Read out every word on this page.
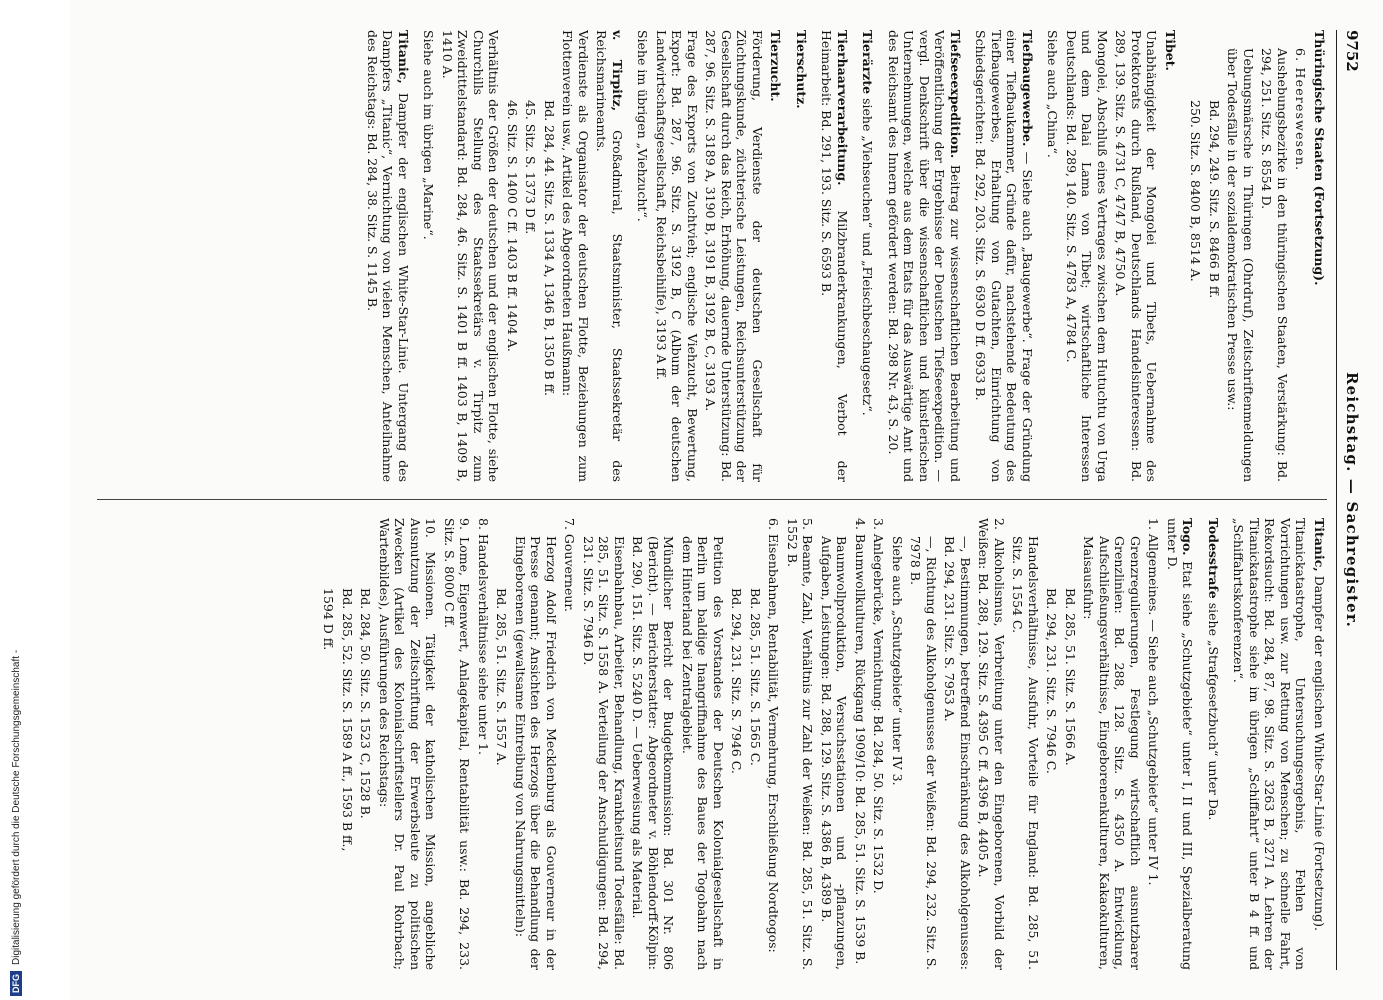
DFG
Digitalisierung gefördert durch die Deutsche Forschungsgemeinschaft -
9752
Reichstag. — Sachregister.

Thüringische Staaten (Fortsetzung).

6. Heereswesen.

Aushebungsbezirke in den thüringischen Staaten, Verstärkung: Bd. 294, 251. Sitz. S. 8554 D.

Uebungsmärsche in Thüringen (Ohrdruf), Zeitschriftenmeldungen über Todesfälle in der sozialdemokratischen Presse usw.:

Bd. 294, 249. Sitz. S. 8466 B ff.

250. Sitz. S. 8400 B, 8514 A.

Tibet.

Unabhängigkeit der Mongolei und Tibets, Uebernahme des Protektorats durch Rußland, Deutschlands Handelsinteressen: Bd. 289, 139. Sitz. S. 4731 C, 4747 B, 4750 A.

Mongolei, Abschluß eines Vertrages zwischen dem Hutuchtu von Urga und dem Dalai Lama von Tibet; wirtschaftliche Interessen Deutschlands: Bd. 289, 140. Sitz. S. 4783 A, 4784 C.

Siehe auch „China“.

Tiefbaugewerbe. — Siehe auch „Baugewerbe“. Frage der Gründung einer Tiefbaukammer, Gründe dafür, nachstehende Bedeutung des Tiefbaugewerbes, Erhaltung von Gutachten, Einrichtung von Schiedsgerichten: Bd. 292, 203. Sitz. S. 6930 D ff. 6933 B.

Tiefseeexpedition. Beitrag zur wissenschaftlichen Bearbeitung und Veröffentlichung der Ergebnisse der Deutschen Tiefseeexpedition. — vergl. Denkschrift über die wissenschaftlichen und künstlerischen Unternehmungen, welche aus dem Etats für das Auswärtige Amt und des Reichsamt des Innern gefördert werden: Bd. 298 Nr. 43, S. 20.

Tierärzte siehe „Viehseuchen“ und „Fleischbeschaugesetz“.

Tierhaarverarbeitung. Milzbranderkrankungen, Verbot der Heimarbeit: Bd. 291, 193. Sitz. S. 6593 B.

Tierschutz.

Tierzucht.

Förderung, Verdienste der deutschen Gesellschaft für Züchtungskunde, züchterische Leistungen, Reichsunterstützung der Gesellschaft durch das Reich, Erhöhung, dauernde Unterstützung: Bd. 287, 96. Sitz. S. 3189 A, 3190 B, 3191 B, 3192 B, C, 3193 A.

Frage des Exports von Zuchtvieh; englische Viehzucht, Bewertung, Export: Bd. 287, 96. Sitz. S. 3192 B, C (Album der deutschen Landwirtschaftsgesellschaft, Reichsbeihilfe), 3193 A ff.

Siehe im übrigen „Viehzucht“.

v. Tirpitz, Großadmiral, Staatsminister, Staatssekretär des Reichsmarineamts.

Verdienste als Organisator der deutschen Flotte, Beziehungen zum Flottenverein usw., Artikel des Abgeordneten Haußmann:

Bd. 284, 44. Sitz. S. 1334 A, 1346 B, 1350 B ff.

45. Sitz. S. 1373 D ff.

46. Sitz. S. 1400 C ff. 1403 B ff. 1404 A.

Verhältnis der Größen der deutschen und der englischen Flotte, siehe Churchills Stellung des Staatssekretärs v. Tirpitz zum Zweidrittelstandard: Bd. 284, 46. Sitz. S. 1401 B ff. 1403 B, 1409 B, 1410 A.

Siehe auch im übrigen „Marine“.

Titanic, Dampfer der englischen White-Star-Linie. Untergang des Dampfers „Titanic“, Vernichtung von vielen Menschen, Anteilnahme des Reichstags: Bd. 284, 38. Sitz. S. 1145 B.

Titanic, Dampfer der englischen White-Star-Linie (Fortsetzung).

Titanickatastrophe, Untersuchungsergebnis, Fehlen von Vorrichtungen usw. zur Rettung von Menschen; zu schnelle Fahrt, Rekordsucht: Bd. 284, 87, 98. Sitz. S. 3263 B, 3271 A. Lehren der Titanickatastrophe siehe im übrigen „Schiffahrt“ unter B 4 ff. und „Schiffahrtskonferenzen“.

Todesstrafe siehe „Strafgesetzbuch“ unter Da.

Togo. Etat siehe „Schutzgebiete“ unter I, II und III, Spezialberatung unter D.

1. Allgemeines. — Siehe auch „Schutzgebiete“ unter IV 1.

Grenzregulierungen, Festlegung wirtschaftlich ausnutzbarer Grenzlinien: Bd. 288, 128. Sitz. S. 4350 A. Entwicklung, Aufschließungsverhältnisse, Eingeborenenkulturen, Kakaokulturen, Maisausfuhr:

Bd. 285, 51. Sitz. S. 1566 A.

Bd. 294, 231. Sitz. S. 7946 C.

Handelsverhältnisse, Ausfuhr, Vorteile für England: Bd. 285, 51. Sitz. S. 1554 C.

2. Alkoholismus, Verbreitung unter den Eingeborenen, Vorbild der Weißen: Bd. 288, 129. Sitz. S. 4395 C ff. 4396 B, 4405 A.

—, Bestimmungen, betreffend Einschränkung des Alkoholgenusses: Bd. 294, 231. Sitz. S. 7953 A.

—, Richtung des Alkoholgenusses der Weißen: Bd. 294, 232. Sitz. S. 7978 B.

Siehe auch „Schutzgebiete“ unter IV 3.

3. Anlegebrücke, Vernichtung: Bd. 284, 50. Sitz. S. 1532 D.

4. Baumwollkulturen, Rückgang 1909/10: Bd. 285, 51. Sitz. S. 1539 B.

Baumwollproduktion, Versuchsstationen und -pflanzungen, Aufgaben, Leistungen: Bd. 288, 129. Sitz. S. 4386 B, 4389 B.

5. Beamte, Zahl, Verhältnis zur Zahl der Weißen: Bd. 285, 51. Sitz. S. 1552 B.

6. Eisenbahnen, Rentabilität, Vermehrung, Erschließung Nordtogos:

Bd. 285, 51. Sitz. S. 1565 C.

Bd. 294, 231. Sitz. S. 7946 C.

Petition des Vorstandes der Deutschen Kolonialgesellschaft in Berlin um baldige Inangriffnahme des Baues der Togobahn nach dem Hinterland bei Zentralgebiet.

Mündlicher Bericht der Budgetkommission: Bd. 301 Nr. 806 (Bericht). — Berichterstatter: Abgeordneter v. Böhlendorff-Kölpin: Bd. 290, 151. Sitz. S. 5240 D. — Ueberweisung als Material.

Eisenbahnbau, Arbeiter, Behandlung, Krankheitsund Todesfälle: Bd. 285, 51. Sitz. S. 1558 A. Verteilung der Anschuldigungen: Bd. 294, 231. Sitz. S. 7946 D.

7. Gouverneur.

Herzog Adolf Friedrich von Mecklenburg als Gouverneur in der Presse genannt; Ansichten des Herzogs über die Behandlung der Eingeborenen (gewaltsame Eintreibung von Nahrungsmitteln):

Bd. 285, 51. Sitz. S. 1557 A.

8. Handelsverhältnisse siehe unter 1.

9. Lome, Eigenwert, Anlagekapital, Rentabilität usw.: Bd. 294, 233. Sitz. S. 8000 C ff.

10. Missionen. Tätigkeit der katholischen Mission, angebliche Ausnutzung der Zeitschriftung der Erwerbsleute zu politischen Zwecken (Artikel des Kolonialschriftstellers Dr. Paul Rohrbach; Wartenbildes), Ausführungen des Reichstags:

Bd. 284, 50. Sitz. S. 1523 C, 1528 B.

Bd. 285, 52. Sitz. S. 1589 A ff., 1593 B ff.,

1594 D ff.
